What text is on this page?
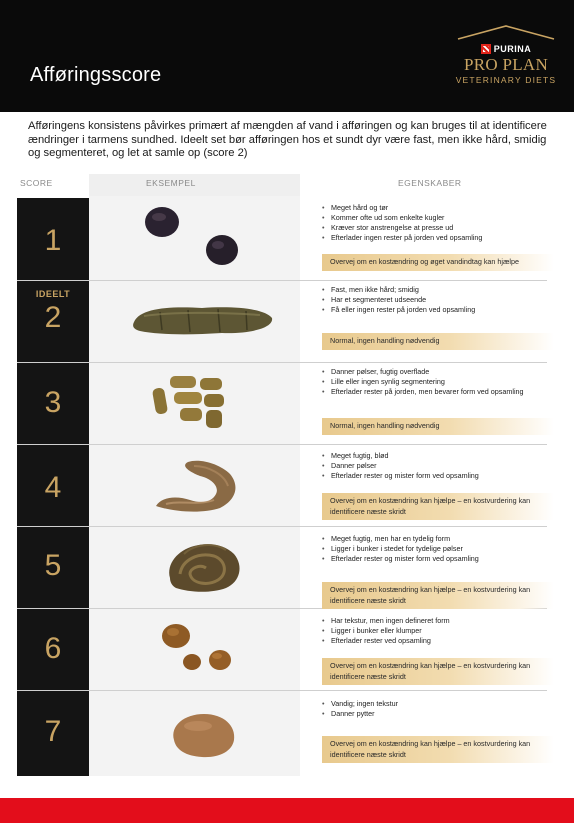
Afføringsscore
PURINA
PRO PLAN
VETERINARY DIETS
Afføringens konsistens påvirkes primært af mængden af vand i afføringen og kan bruges til at identificere ændringer i tarmens sundhed. Ideelt set bør afføringen hos et sundt dyr være fast, men ikke hård, smidig og segmenteret, og let at samle op (score 2)
SCORE	EKSEMPEL	EGENSKABER
1
• Meget hård og tør
• Kommer ofte ud som enkelte kugler
• Kræver stor anstrengelse at presse ud
• Efterlader ingen rester på jorden ved opsamling
Overvej om en kostændring og øget vandindtag kan hjælpe
IDEELT
2
• Fast, men ikke hård; smidig
• Har et segmenteret udseende
• Få eller ingen rester på jorden ved opsamling
Normal, ingen handling nødvendig
3
• Danner pølser, fugtig overflade
• Lille eller ingen synlig segmentering
• Efterlader rester på jorden, men bevarer form ved opsamling
Normal, ingen handling nødvendig
4
• Meget fugtig, blød
• Danner pølser
• Efterlader rester og mister form ved opsamling
Overvej om en kostændring kan hjælpe – en kostvurdering kan identificere næste skridt
5
• Meget fugtig, men har en tydelig form
• Ligger i bunker i stedet for tydelige pølser
• Efterlader rester og mister form ved opsamling
Overvej om en kostændring kan hjælpe – en kostvurdering kan identificere næste skridt
6
• Har tekstur, men ingen defineret form
• Ligger i bunker eller klumper
• Efterlader rester ved opsamling
Overvej om en kostændring kan hjælpe – en kostvurdering kan identificere næste skridt
7
• Vandig; ingen tekstur
• Danner pytter
Overvej om en kostændring kan hjælpe – en kostvurdering kan identificere næste skridt
